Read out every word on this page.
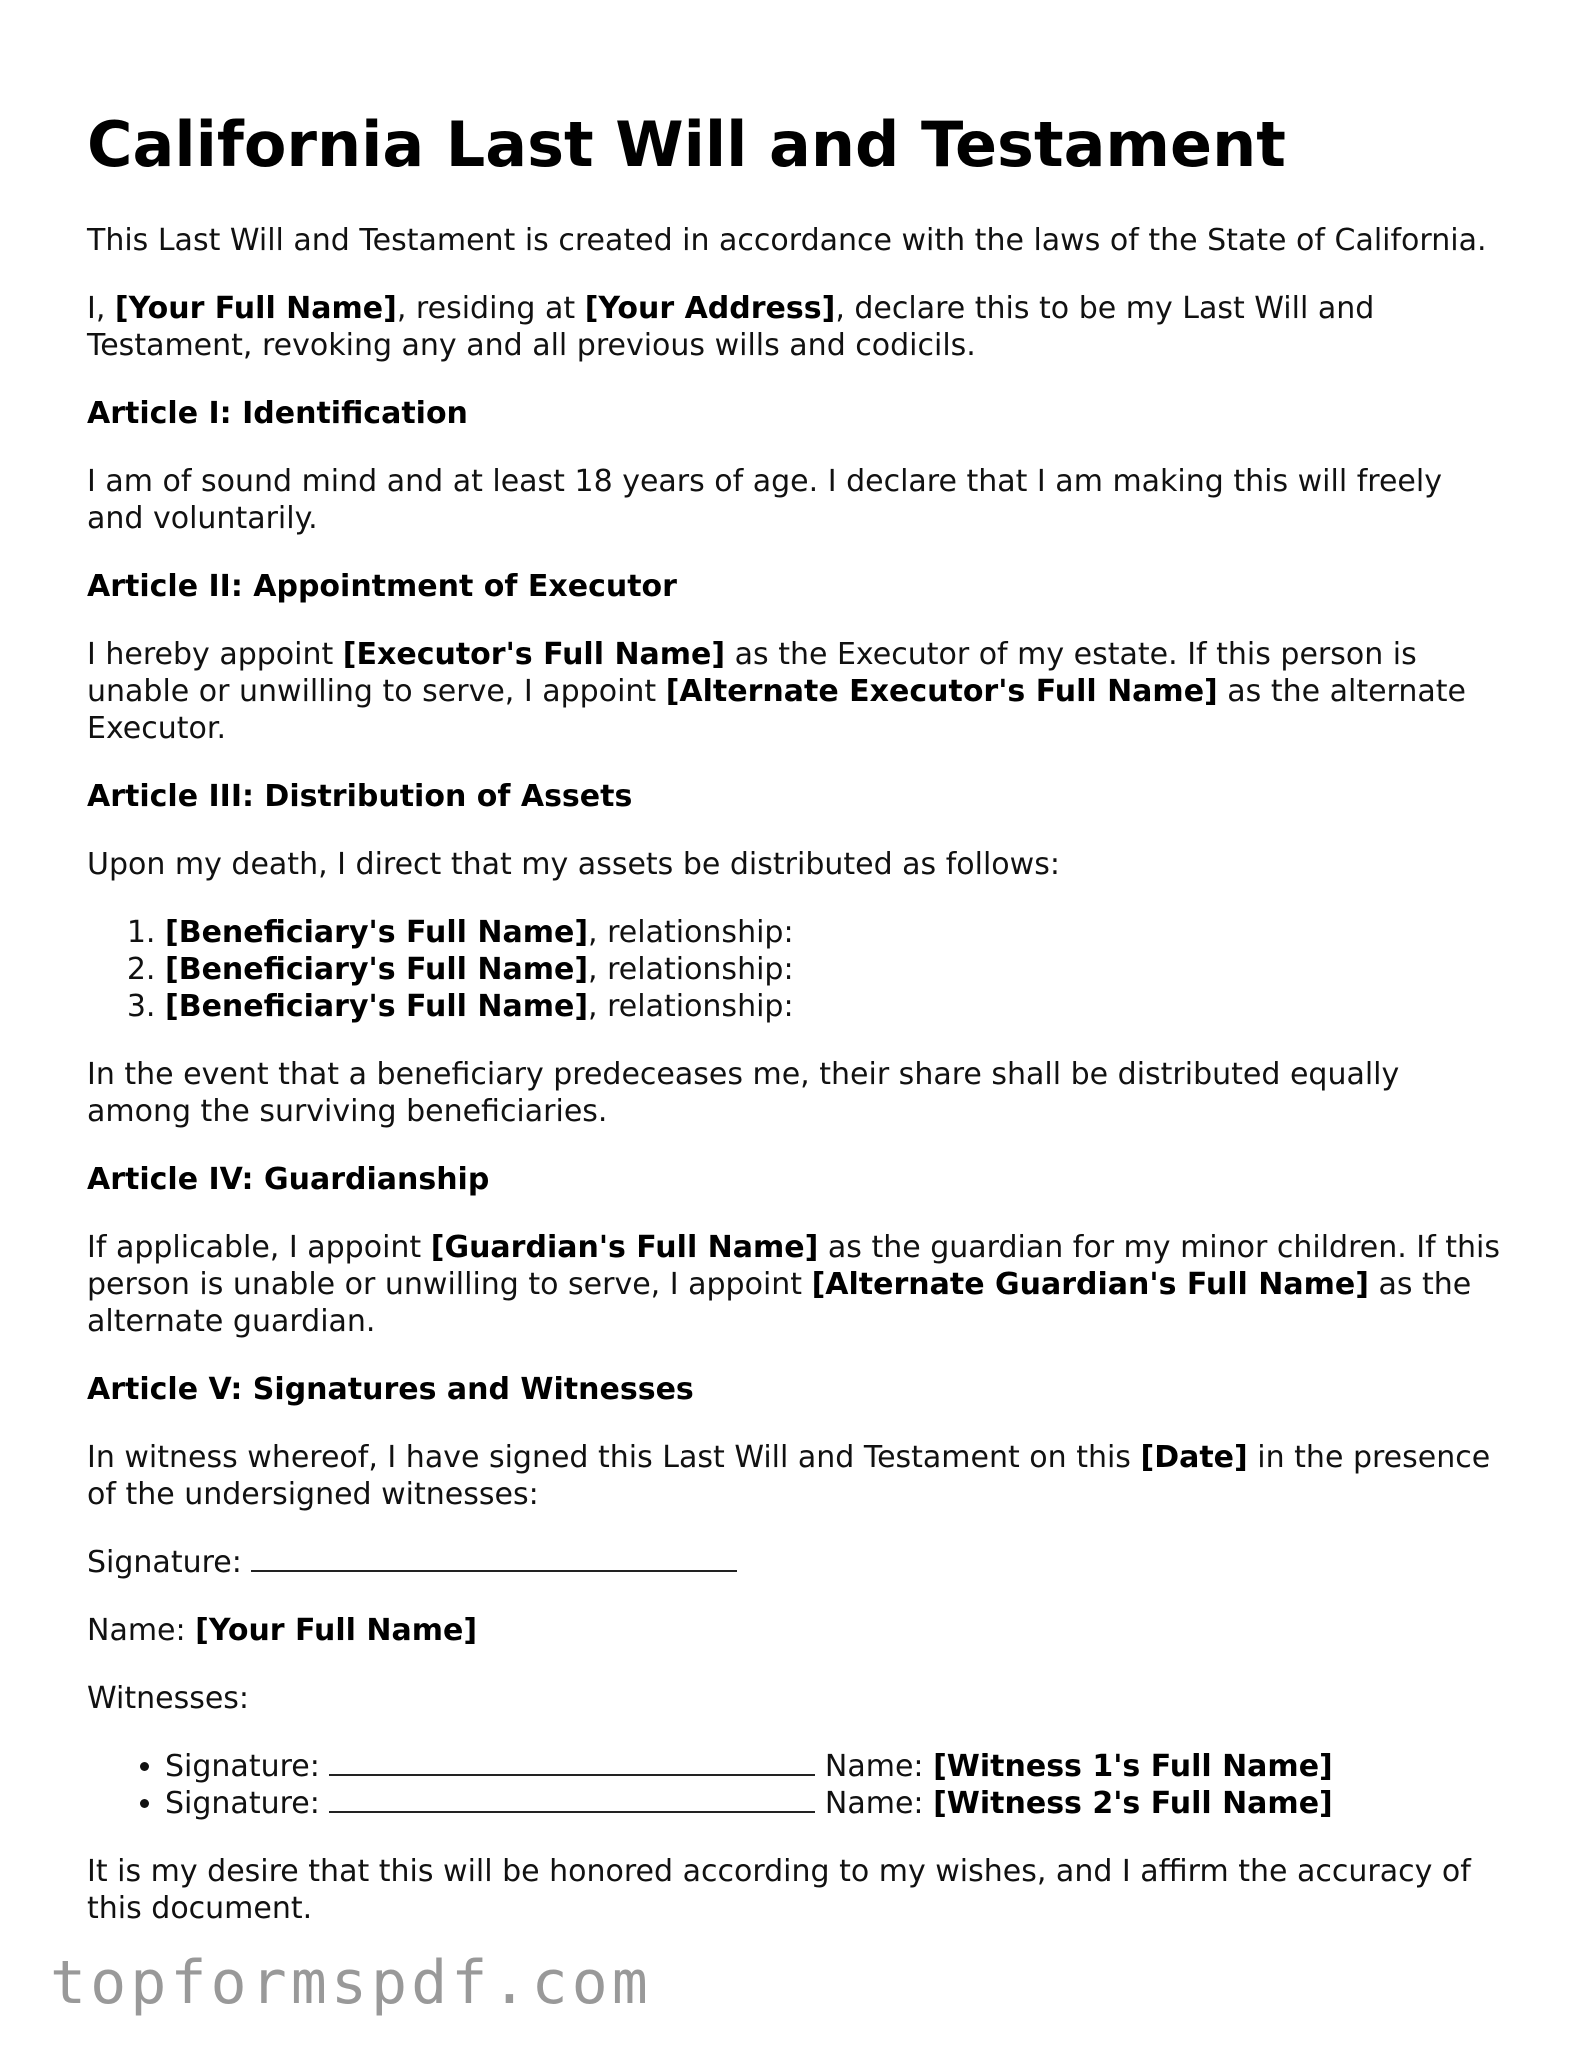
California Last Will and Testament

This Last Will and Testament is created in accordance with the laws of the State of California.

I, [Your Full Name], residing at [Your Address], declare this to be my Last Will and Testament, revoking any and all previous wills and codicils.

Article I: Identification

I am of sound mind and at least 18 years of age. I declare that I am making this will freely and voluntarily.

Article II: Appointment of Executor

I hereby appoint [Executor's Full Name] as the Executor of my estate. If this person is unable or unwilling to serve, I appoint [Alternate Executor's Full Name] as the alternate Executor.

Article III: Distribution of Assets

Upon my death, I direct that my assets be distributed as follows:

1. [Beneficiary's Full Name], relationship:
2. [Beneficiary's Full Name], relationship:
3. [Beneficiary's Full Name], relationship:

In the event that a beneficiary predeceases me, their share shall be distributed equally among the surviving beneficiaries.

Article IV: Guardianship

If applicable, I appoint [Guardian's Full Name] as the guardian for my minor children. If this person is unable or unwilling to serve, I appoint [Alternate Guardian's Full Name] as the alternate guardian.

Article V: Signatures and Witnesses

In witness whereof, I have signed this Last Will and Testament on this [Date] in the presence of the undersigned witnesses:

Signature:

Name: [Your Full Name]

Witnesses:

• Signature:	Name: [Witness 1's Full Name]
• Signature:	Name: [Witness 2's Full Name]

It is my desire that this will be honored according to my wishes, and I affirm the accuracy of this document.

topformspdf.com
